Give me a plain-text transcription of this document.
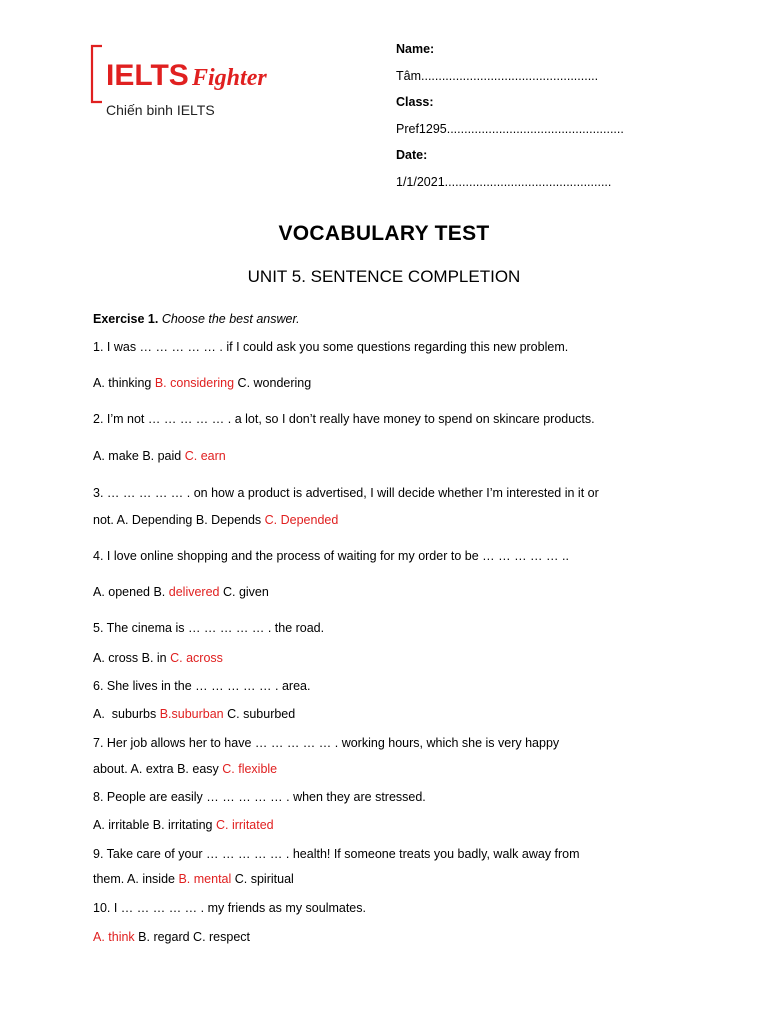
IELTS Fighter
Chiến binh IELTS
Name:
Tâm...................................................
Class:
Pref1295...................................................
Date:
1/1/2021................................................
VOCABULARY TEST
UNIT 5. SENTENCE COMPLETION
Exercise 1. Choose the best answer.
1. I was … … … … … . if I could ask you some questions regarding this new problem.
A. thinking B. considering C. wondering
2. I’m not … … … … … . a lot, so I don’t really have money to spend on skincare products.
A. make B. paid C. earn
3. … … … … … . on how a product is advertised, I will decide whether I’m interested in it or
not. A. Depending B. Depends C. Depended
4. I love online shopping and the process of waiting for my order to be … … … … … ..
A. opened B. delivered C. given
5. The cinema is … … … … … . the road.
A. cross B. in C. across
6. She lives in the … … … … … . area.
A.  suburbs B.suburban C. suburbed
7. Her job allows her to have … … … … … . working hours, which she is very happy
about. A. extra B. easy C. flexible
8. People are easily … … … … … . when they are stressed.
A. irritable B. irritating C. irritated
9. Take care of your … … … … … . health! If someone treats you badly, walk away from
them. A. inside B. mental C. spiritual
10. I … … … … … . my friends as my soulmates.
A. think B. regard C. respect
